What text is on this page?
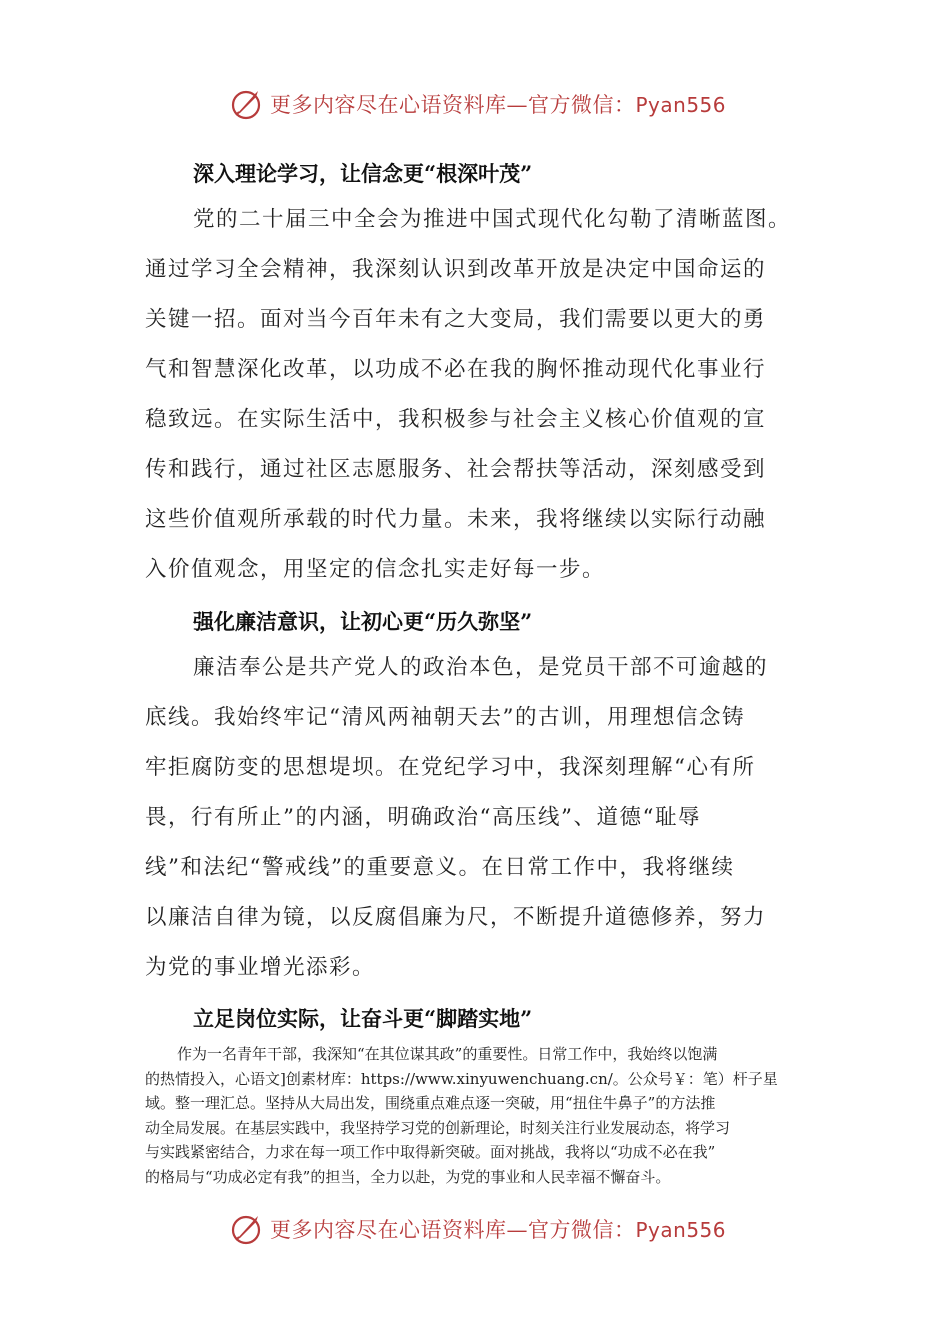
更多内容尽在心语资料库—官方微信：Pyan556
深入理论学习，让信念更“根深叶茂”
党的二十届三中全会为推进中国式现代化勾勒了清晰蓝图。
通过学习全会精神，我深刻认识到改革开放是决定中国命运的
关键一招。面对当今百年未有之大变局，我们需要以更大的勇
气和智慧深化改革，以功成不必在我的胸怀推动现代化事业行
稳致远。在实际生活中，我积极参与社会主义核心价值观的宣
传和践行，通过社区志愿服务、社会帮扶等活动，深刻感受到
这些价值观所承载的时代力量。未来，我将继续以实际行动融
入价值观念，用坚定的信念扎实走好每一步。
强化廉洁意识，让初心更“历久弥坚”
廉洁奉公是共产党人的政治本色，是党员干部不可逾越的
底线。我始终牢记“清风两袖朝天去”的古训，用理想信念铸
牢拒腐防变的思想堤坝。在党纪学习中，我深刻理解“心有所
畏，行有所止”的内涵，明确政治“高压线”、道德“耻辱
线”和法纪“警戒线”的重要意义。在日常工作中，我将继续
以廉洁自律为镜，以反腐倡廉为尺，不断提升道德修养，努力
为党的事业增光添彩。
立足岗位实际，让奋斗更“脚踏实地”
作为一名青年干部，我深知“在其位谋其政”的重要性。日常工作中，我始终以饱满
的热情投入，心语文]创素材库：https://www.xinyuwenchuang.cn/。公众号￥：笔）杆子星
域。整一理汇总。坚持从大局出发，围绕重点难点逐一突破，用“扭住牛鼻子”的方法推
动全局发展。在基层实践中，我坚持学习党的创新理论，时刻关注行业发展动态，将学习
与实践紧密结合，力求在每一项工作中取得新突破。面对挑战，我将以“功成不必在我”
的格局与“功成必定有我”的担当，全力以赴，为党的事业和人民幸福不懈奋斗。
更多内容尽在心语资料库—官方微信：Pyan556
